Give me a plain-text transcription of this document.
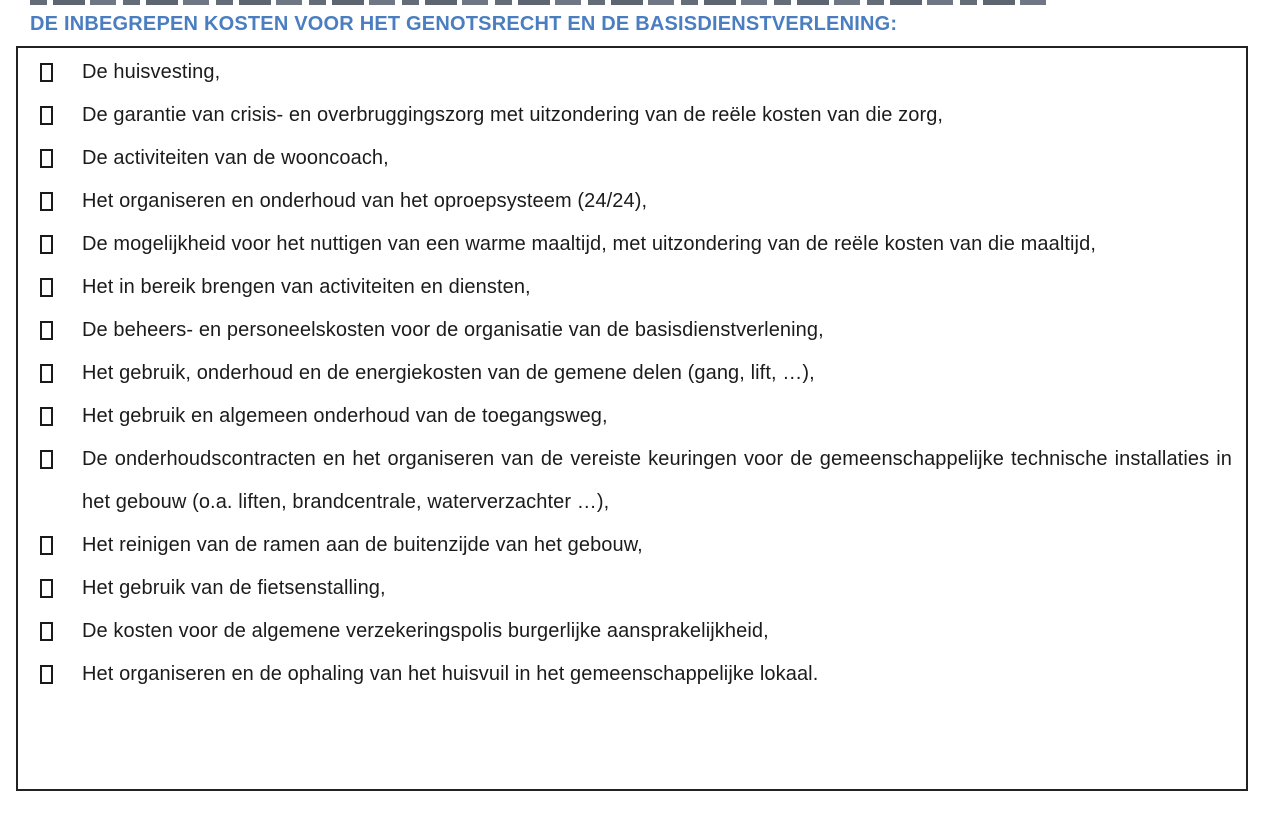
DE INBEGREPEN KOSTEN VOOR HET GENOTSRECHT EN DE BASISDIENSTVERLENING:
De huisvesting,
De garantie van crisis- en overbruggingszorg met uitzondering van de reële kosten van die zorg,
De activiteiten van de wooncoach,
Het organiseren en onderhoud van het oproepsysteem (24/24),
De mogelijkheid voor het nuttigen van een warme maaltijd, met uitzondering van de reële kosten van die maaltijd,
Het in bereik brengen van activiteiten en diensten,
De beheers- en personeelskosten voor de organisatie van de basisdienstverlening,
Het gebruik, onderhoud en de energiekosten van de gemene delen (gang, lift, …),
Het gebruik en algemeen onderhoud van de toegangsweg,
De onderhoudscontracten en het organiseren van de vereiste keuringen voor de gemeenschappelijke technische installaties in het gebouw (o.a. liften, brandcentrale, waterverzachter …),
Het reinigen van de ramen aan de buitenzijde van het gebouw,
Het gebruik van de fietsenstalling,
De kosten voor de algemene verzekeringspolis burgerlijke aansprakelijkheid,
Het organiseren en de ophaling van het huisvuil in het gemeenschappelijke lokaal.
